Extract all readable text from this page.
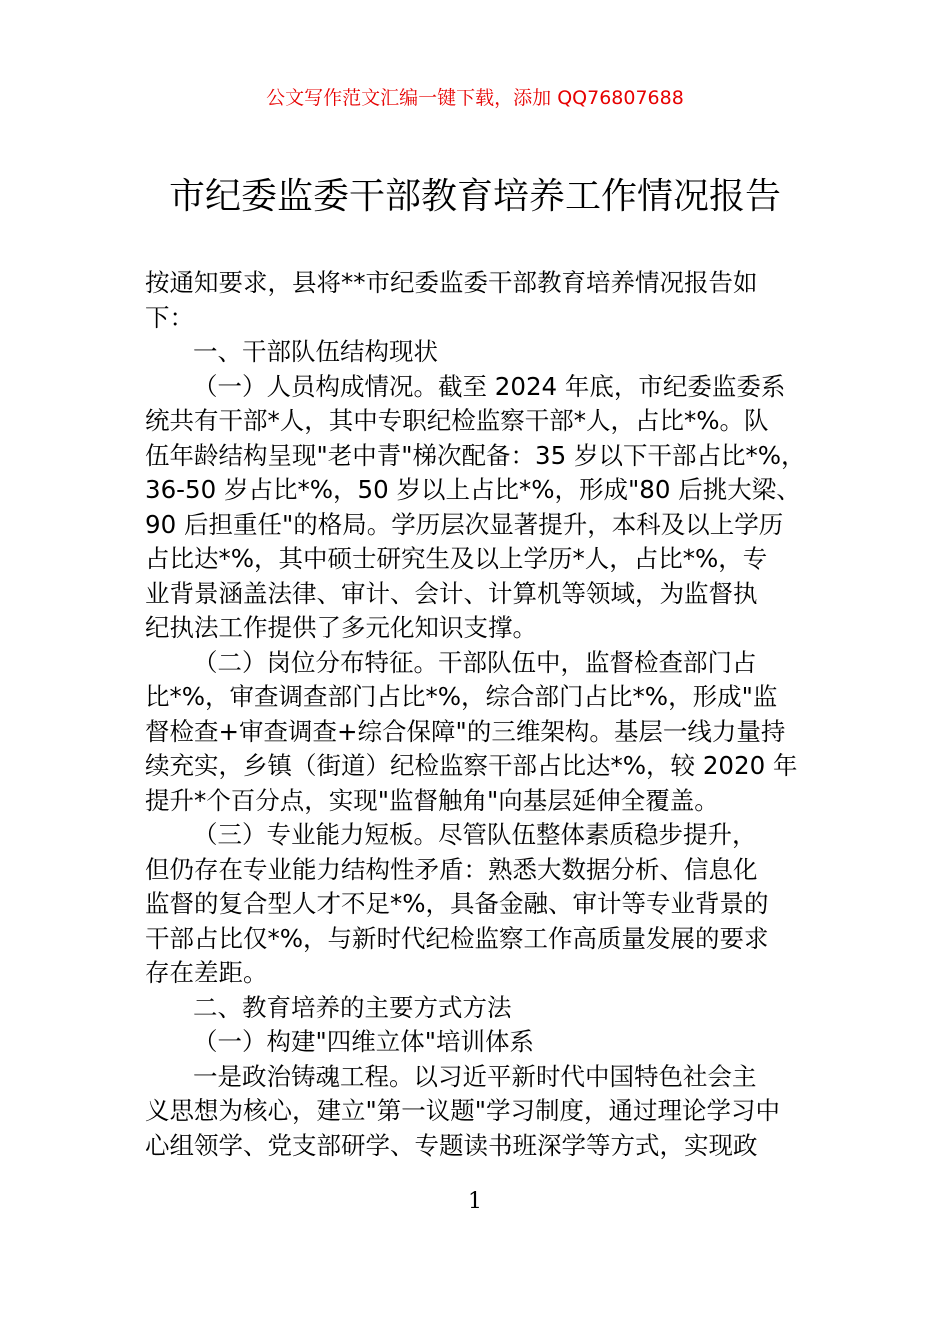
公文写作范文汇编一键下载，添加 QQ76807688
市纪委监委干部教育培养工作情况报告
按通知要求，县将**市纪委监委干部教育培养情况报告如
下：
一、干部队伍结构现状
（一）人员构成情况。截至 2024 年底，市纪委监委系
统共有干部*人，其中专职纪检监察干部*人，占比*%。队
伍年龄结构呈现"老中青"梯次配备：35 岁以下干部占比*%，
36-50 岁占比*%，50 岁以上占比*%，形成"80 后挑大梁、
90 后担重任"的格局。学历层次显著提升，本科及以上学历
占比达*%，其中硕士研究生及以上学历*人，占比*%，专
业背景涵盖法律、审计、会计、计算机等领域，为监督执
纪执法工作提供了多元化知识支撑。
（二）岗位分布特征。干部队伍中，监督检查部门占
比*%，审查调查部门占比*%，综合部门占比*%，形成"监
督检查+审查调查+综合保障"的三维架构。基层一线力量持
续充实，乡镇（街道）纪检监察干部占比达*%，较 2020 年
提升*个百分点，实现"监督触角"向基层延伸全覆盖。
（三）专业能力短板。尽管队伍整体素质稳步提升，
但仍存在专业能力结构性矛盾：熟悉大数据分析、信息化
监督的复合型人才不足*%，具备金融、审计等专业背景的
干部占比仅*%，与新时代纪检监察工作高质量发展的要求
存在差距。
二、教育培养的主要方式方法
（一）构建"四维立体"培训体系
一是政治铸魂工程。以习近平新时代中国特色社会主
义思想为核心，建立"第一议题"学习制度，通过理论学习中
心组领学、党支部研学、专题读书班深学等方式，实现政
1
